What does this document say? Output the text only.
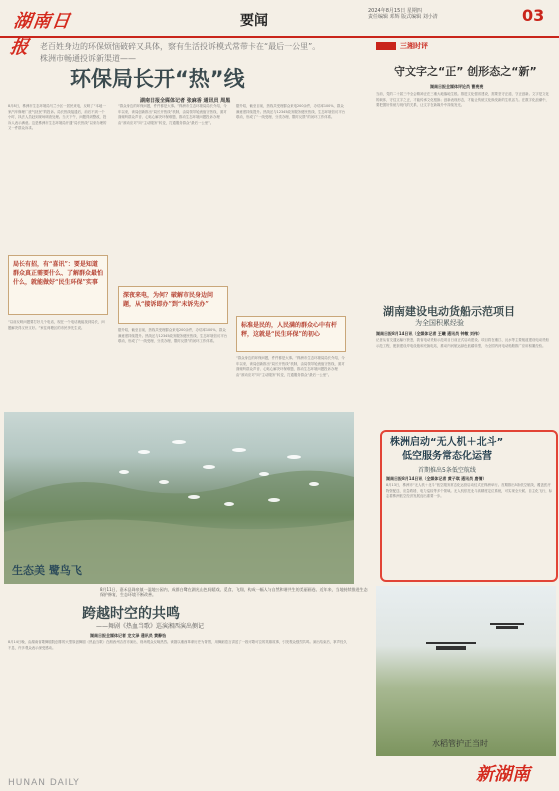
湖南日报
要闻
2024年8月15日 星期四
责任编辑 邓辉 版式编辑 刘小清	03
老百姓身边的环保烦恼破碎又具体，察有生活投诉模式常带卡在“最后一公里”。
株洲市畅通投诉新渠道——
环保局长开“热”线
湖南日报全媒体记者 张麻香 通讯员 周黑
8月8日，株洲市生态环境局马兰小区一居民来电，反映了“本地一家汽车修理厂废气扰民”的投诉。局长热线接通后，前后不到一个小时，执法人员赶到现场调查处理。当天下午，问题得到整改，投诉人表示满意。这是株洲市生态环境局开通“局长热线”以来办理的又一件群众诉求。
局长有招，有“喜讯”：要是知道群众真正需要什么、了解群众最怕什么，就能做好“民生环保”实事
“以前反映问题要打好几个电话，现在一个电话就能找到局长，问题解决得又快又好。”家住荷塘区的市民李先生说。
“群众身边的环保问题，件件都是大事。”株洲市生态环境局局长介绍，今年以来，该局创新推出“局长开热线”机制，由局领导轮流值守热线，面对面倾听群众声音、心贴心解决环保难题，推动生态环境问题投诉办理由“被动应对”向“主动服务”转变，打通服务群众“最后一公里”。
深夜来电，为何？破解市民身边问题，从“接诉即办”到“未诉先办”
据介绍，截至目前，热线共受理群众来电200余件，办结率100%，群众满意度持续提升。热线还与12345政务服务便民热线、生态环境信访平台联动，形成了“一线受理、分类办理、限时反馈”的闭环工作体系。
据介绍，截至目前，热线共受理群众来电200余件，办结率100%，群众满意度持续提升。热线还与12345政务服务便民热线、生态环境信访平台联动，形成了“一线受理、分类办理、限时反馈”的闭环工作体系。
标准是民的，人民满的群众心中有杆秤，这就是“民生环保”的初心
“群众身边的环保问题，件件都是大事。”株洲市生态环境局局长介绍，今年以来，该局创新推出“局长开热线”机制，由局领导轮流值守热线，面对面倾听群众声音、心贴心解决环保难题，推动生态环境问题投诉办理由“被动应对”向“主动服务”转变，打通服务群众“最后一公里”。
生态美 鹭鸟飞
8月11日，嘉禾县珠泉镇一湿地公园内，成群白鹭在湖光山色间嬉戏、觅食、飞翔，构成一幅人与自然和谐共生的美丽画卷。近年来，当地持续推进生态保护修复，生态环境不断改善。
三湘时评
守文字之“正” 创形态之“新”
湖南日报全媒体评论员 曹亮亮
当前，党的二十届三中全会精神正在三湘大地落地生根。推进文化强省建设，需要坚守正道、守正创新。文字是文化的载体，守住文字之正，才能传承文化根脉；创新表现形态，才能让传统文化焕发新的生机活力。在数字化浪潮中，要把握好传统与现代的关系，让文字在新媒介中持续发光。
湖南建设电动货船示范项目
为全国积累经验
湖南日报8月14日讯（全媒体记者 王曦 通讯员 钟敏 刘伟）
记者从省交通运输厅获悉，我省电动货船示范项目日前正式启动建设。项目将在湘江、沅水等主要航道建设电动货船示范工程，配套建设岸电设施和充换电站，推动内河航运绿色低碳转型，为全国内河电动船舶推广应用积累经验。
株洲启动“无人机＋北斗”
低空服务常态化运营
首期推出5条低空航线
湖南日报8月14日讯（全媒体记者 黄子琪 通讯员 唐倩）
8月13日，株洲市“无人机＋北斗”低空服务常态化运营启动仪式在株洲举行。首期推出5条低空航线，覆盖医疗物资配送、应急救援、电力巡检等多个领域。无人机依托北斗高精度定位系统，可实现全天候、自主化飞行，标志着株洲低空经济发展迈出重要一步。
跨越时空的共鸣
——舞剧《热血当歌》巡演湘西演出侧记
湖南日报全媒体记者 龙文泽 通讯员 黄静怡
8月14日晚，由湖南省歌舞剧院创排的大型原创舞剧《热血当歌》在湘西州吉首市演出，现场观众反响热烈。该剧以湘西革命历史为背景，用舞蹈语言讲述了一段可歌可泣的英雄故事，引发观众强烈共鸣。演出结束后，掌声经久不息，许多观众表示深受感动。
水稻管护正当时
新湖南
HUNAN DAILY
